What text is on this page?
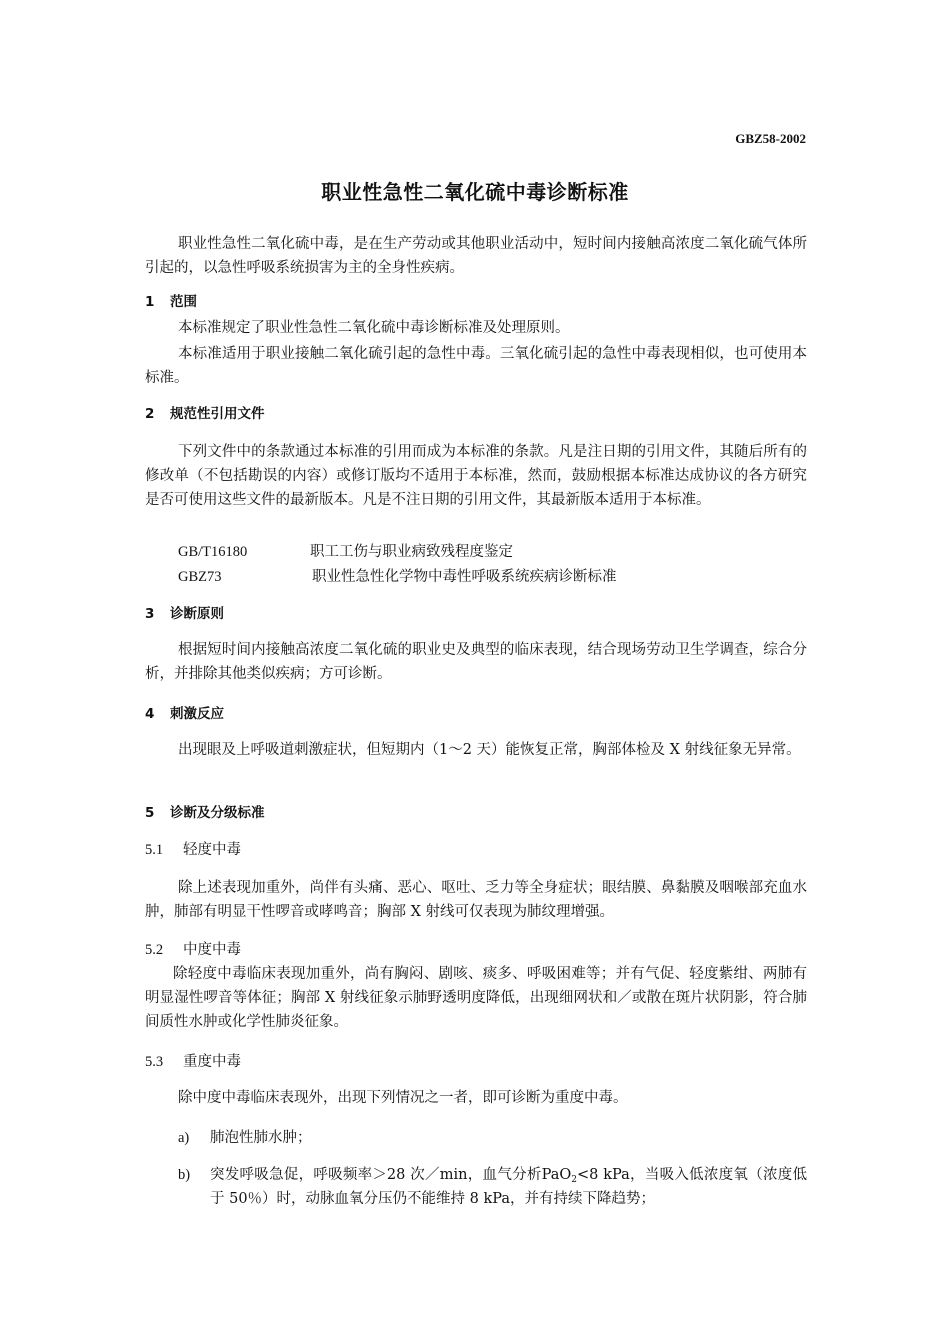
GBZ58-2002
职业性急性二氧化硫中毒诊断标准
职业性急性二氧化硫中毒，是在生产劳动或其他职业活动中，短时间内接触高浓度二氧化硫气体所引起的，以急性呼吸系统损害为主的全身性疾病。
1 范围
本标准规定了职业性急性二氧化硫中毒诊断标准及处理原则。
本标准适用于职业接触二氧化硫引起的急性中毒。三氧化硫引起的急性中毒表现相似，也可使用本标准。
2 规范性引用文件
下列文件中的条款通过本标准的引用而成为本标准的条款。凡是注日期的引用文件，其随后所有的修改单（不包括勘误的内容）或修订版均不适用于本标准，然而，鼓励根据本标准达成协议的各方研究是否可使用这些文件的最新版本。凡是不注日期的引用文件，其最新版本适用于本标准。
GB/T16180	职工工伤与职业病致残程度鉴定
GBZ73	职业性急性化学物中毒性呼吸系统疾病诊断标准
3 诊断原则
根据短时间内接触高浓度二氧化硫的职业史及典型的临床表现，结合现场劳动卫生学调查，综合分析，并排除其他类似疾病；方可诊断。
4 刺激反应
出现眼及上呼吸道刺激症状，但短期内（1～2 天）能恢复正常，胸部体检及 X 射线征象无异常。
5 诊断及分级标准
5.1 轻度中毒
除上述表现加重外，尚伴有头痛、恶心、呕吐、乏力等全身症状；眼结膜、鼻黏膜及咽喉部充血水肿，肺部有明显干性啰音或哮鸣音；胸部 X 射线可仅表现为肺纹理增强。
5.2 中度中毒
除轻度中毒临床表现加重外，尚有胸闷、剧咳、痰多、呼吸困难等；并有气促、轻度紫绀、两肺有明显湿性啰音等体征；胸部 X 射线征象示肺野透明度降低，出现细网状和／或散在斑片状阴影，符合肺间质性水肿或化学性肺炎征象。
5.3 重度中毒
除中度中毒临床表现外，出现下列情况之一者，即可诊断为重度中毒。
a) 肺泡性肺水肿；
b) 突发呼吸急促，呼吸频率＞28 次／min，血气分析PaO$_2$<8 kPa，当吸入低浓度氧（浓度低于 50％）时，动脉血氧分压仍不能维持 8 kPa，并有持续下降趋势；
